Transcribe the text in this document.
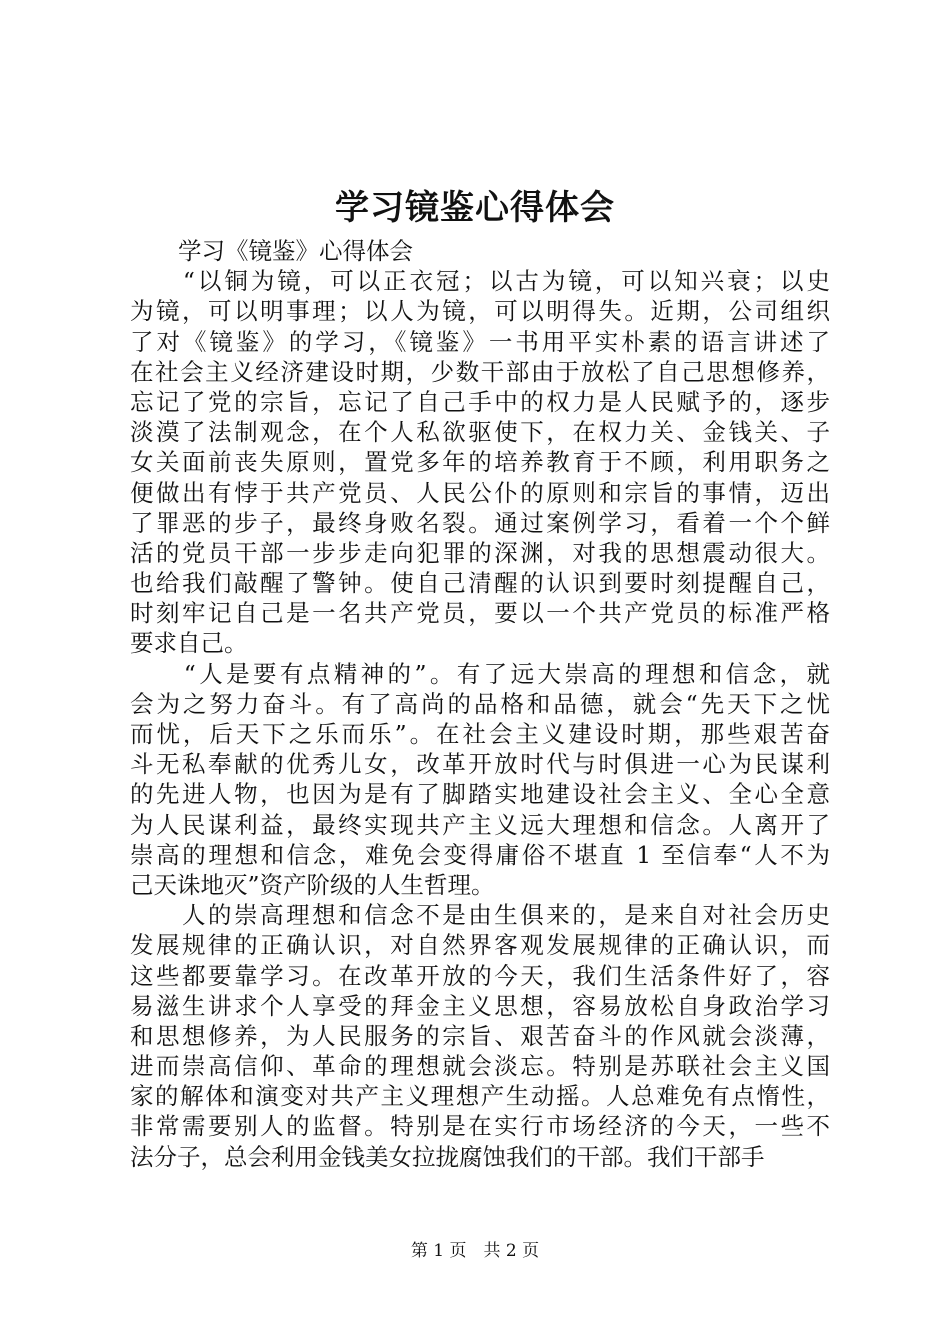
学习镜鉴心得体会
学习《镜鉴》心得体会
　　“以铜为镜，可以正衣冠；以古为镜，可以知兴衰；以史
为镜，可以明事理；以人为镜，可以明得失。近期，公司组织
了对《镜鉴》的学习，《镜鉴》一书用平实朴素的语言讲述了
在社会主义经济建设时期，少数干部由于放松了自己思想修养，
忘记了党的宗旨，忘记了自己手中的权力是人民赋予的，逐步
淡漠了法制观念，在个人私欲驱使下，在权力关、金钱关、子
女关面前丧失原则，置党多年的培养教育于不顾，利用职务之
便做出有悖于共产党员、人民公仆的原则和宗旨的事情，迈出
了罪恶的步子，最终身败名裂。通过案例学习，看着一个个鲜
活的党员干部一步步走向犯罪的深渊，对我的思想震动很大。
也给我们敲醒了警钟。使自己清醒的认识到要时刻提醒自己，
时刻牢记自己是一名共产党员，要以一个共产党员的标准严格
要求自己。
　　“人是要有点精神的”。有了远大崇高的理想和信念，就
会为之努力奋斗。有了高尚的品格和品德，就会“先天下之忧
而忧，后天下之乐而乐”。在社会主义建设时期，那些艰苦奋
斗无私奉献的优秀儿女，改革开放时代与时俱进一心为民谋利
的先进人物，也因为是有了脚踏实地建设社会主义、全心全意
为人民谋利益，最终实现共产主义远大理想和信念。人离开了
崇高的理想和信念，难免会变得庸俗不堪直 1 至信奉“人不为
己天诛地灭”资产阶级的人生哲理。
　　人的崇高理想和信念不是由生俱来的，是来自对社会历史
发展规律的正确认识，对自然界客观发展规律的正确认识，而
这些都要靠学习。在改革开放的今天，我们生活条件好了，容
易滋生讲求个人享受的拜金主义思想，容易放松自身政治学习
和思想修养，为人民服务的宗旨、艰苦奋斗的作风就会淡薄，
进而崇高信仰、革命的理想就会淡忘。特别是苏联社会主义国
家的解体和演变对共产主义理想产生动摇。人总难免有点惰性，
非常需要别人的监督。特别是在实行市场经济的今天，一些不
法分子，总会利用金钱美女拉拢腐蚀我们的干部。我们干部手
第 1 页　共 2 页
